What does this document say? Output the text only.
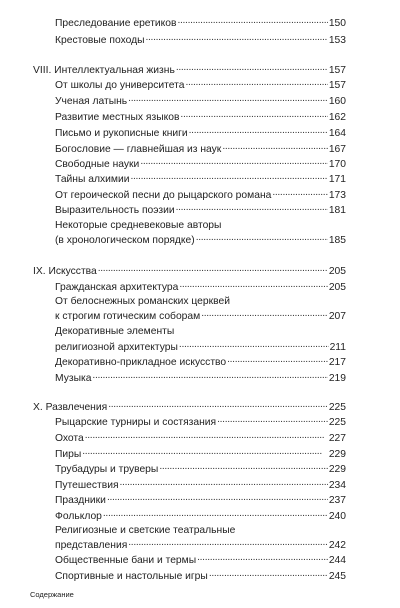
Преследование еретиков . . .	150
Крестовые походы . . .	153
VIII. Интеллектуальная жизнь . . .	157
От школы до университета . . .	157
Ученая латынь . . .	160
Развитие местных языков . . .	162
Письмо и рукописные книги . . .	164
Богословие — главнейшая из наук . . .	167
Свободные науки . . .	170
Тайны алхимии . . .	171
От героической песни до рыцарского романа . . .	173
Выразительность поэзии . . .	181
Некоторые средневековые авторы
(в хронологическом порядке) . . .	185
IX. Искусства . . .	205
Гражданская архитектура . . .	205
От белоснежных романских церквей
к строгим готическим соборам . . .	207
Декоративные элементы
религиозной архитектуры . . .	211
Декоративно-прикладное искусство . . .	217
Музыка . . .	219
X. Развлечения . . .	225
Рыцарские турниры и состязания . . .	225
Охота . . .	227
Пиры . . .	229
Трубадуры и труверы . . .	229
Путешествия . . .	234
Праздники . . .	237
Фольклор . . .	240
Религиозные и светские театральные
представления . . .	242
Общественные бани и термы . . .	244
Спортивные и настольные игры . . .	245
Содержание
